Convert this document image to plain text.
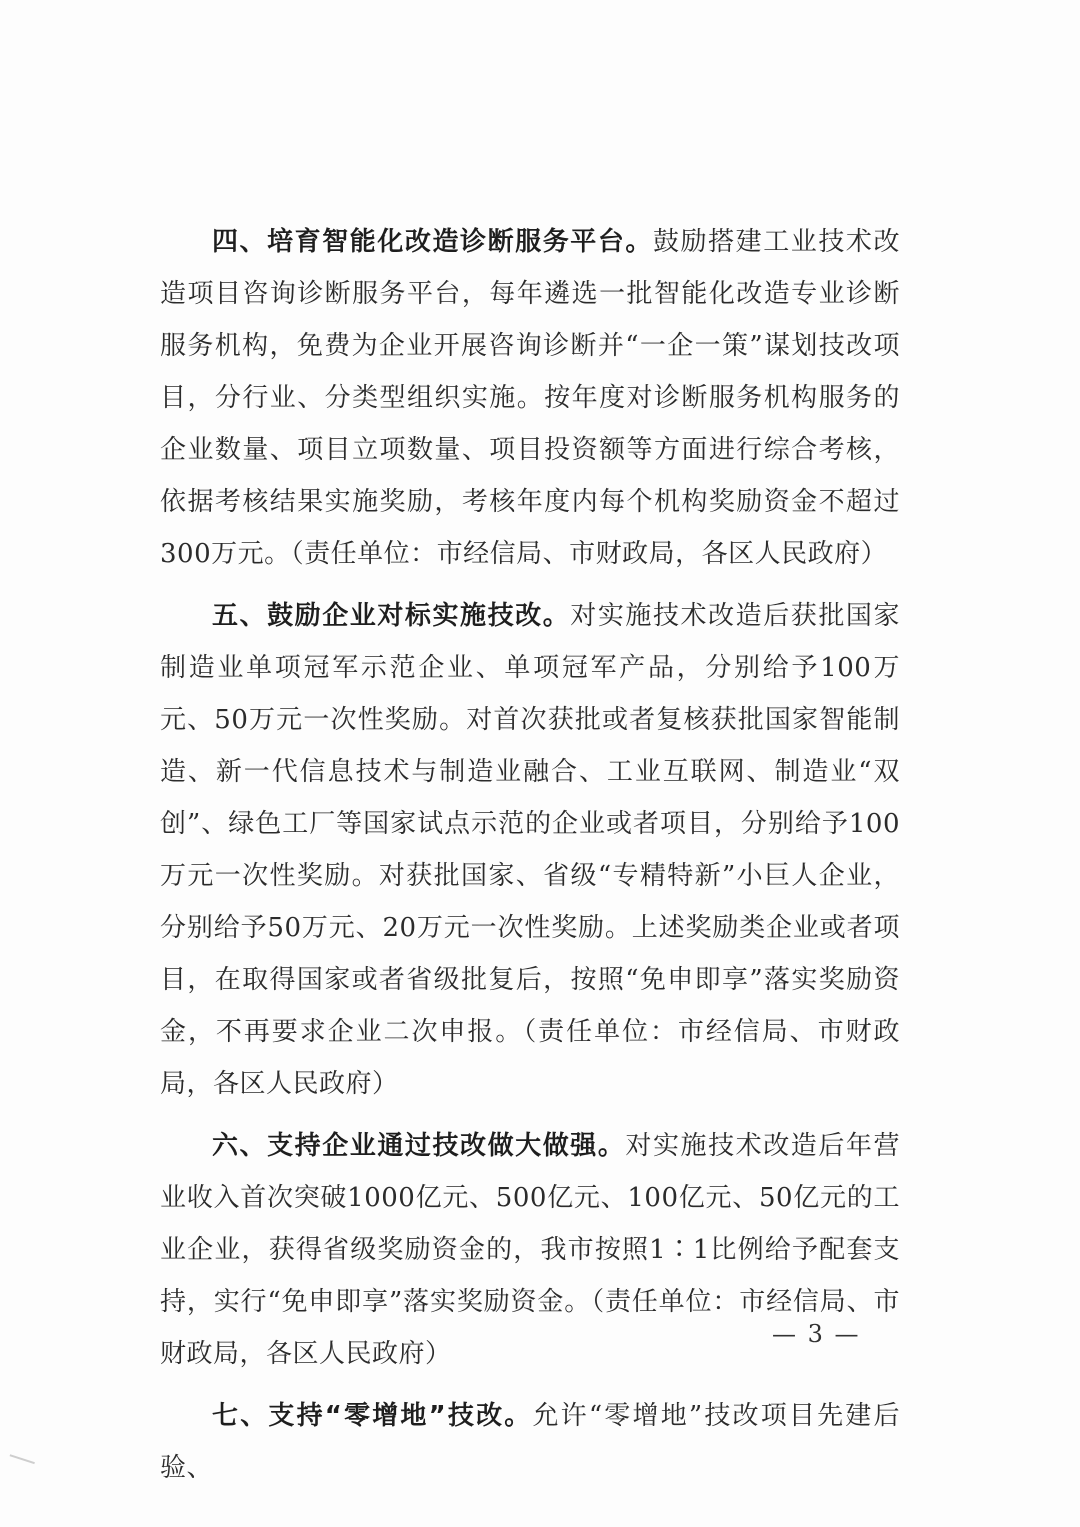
四、培育智能化改造诊断服务平台。鼓励搭建工业技术改造项目咨询诊断服务平台，每年遴选一批智能化改造专业诊断服务机构，免费为企业开展咨询诊断并“一企一策”谋划技改项目，分行业、分类型组织实施。按年度对诊断服务机构服务的企业数量、项目立项数量、项目投资额等方面进行综合考核，依据考核结果实施奖励，考核年度内每个机构奖励资金不超过300万元。（责任单位：市经信局、市财政局，各区人民政府）

五、鼓励企业对标实施技改。对实施技术改造后获批国家制造业单项冠军示范企业、单项冠军产品，分别给予100万元、50万元一次性奖励。对首次获批或者复核获批国家智能制造、新一代信息技术与制造业融合、工业互联网、制造业“双创”、绿色工厂等国家试点示范的企业或者项目，分别给予100万元一次性奖励。对获批国家、省级“专精特新”小巨人企业，分别给予50万元、20万元一次性奖励。上述奖励类企业或者项目，在取得国家或者省级批复后，按照“免申即享”落实奖励资金，不再要求企业二次申报。（责任单位：市经信局、市财政局，各区人民政府）

六、支持企业通过技改做大做强。对实施技术改造后年营业收入首次突破1000亿元、500亿元、100亿元、50亿元的工业企业，获得省级奖励资金的，我市按照1∶1比例给予配套支持，实行“免申即享”落实奖励资金。（责任单位：市经信局、市财政局，各区人民政府）

七、支持“零增地”技改。允许“零增地”技改项目先建后验、

— 3 —
